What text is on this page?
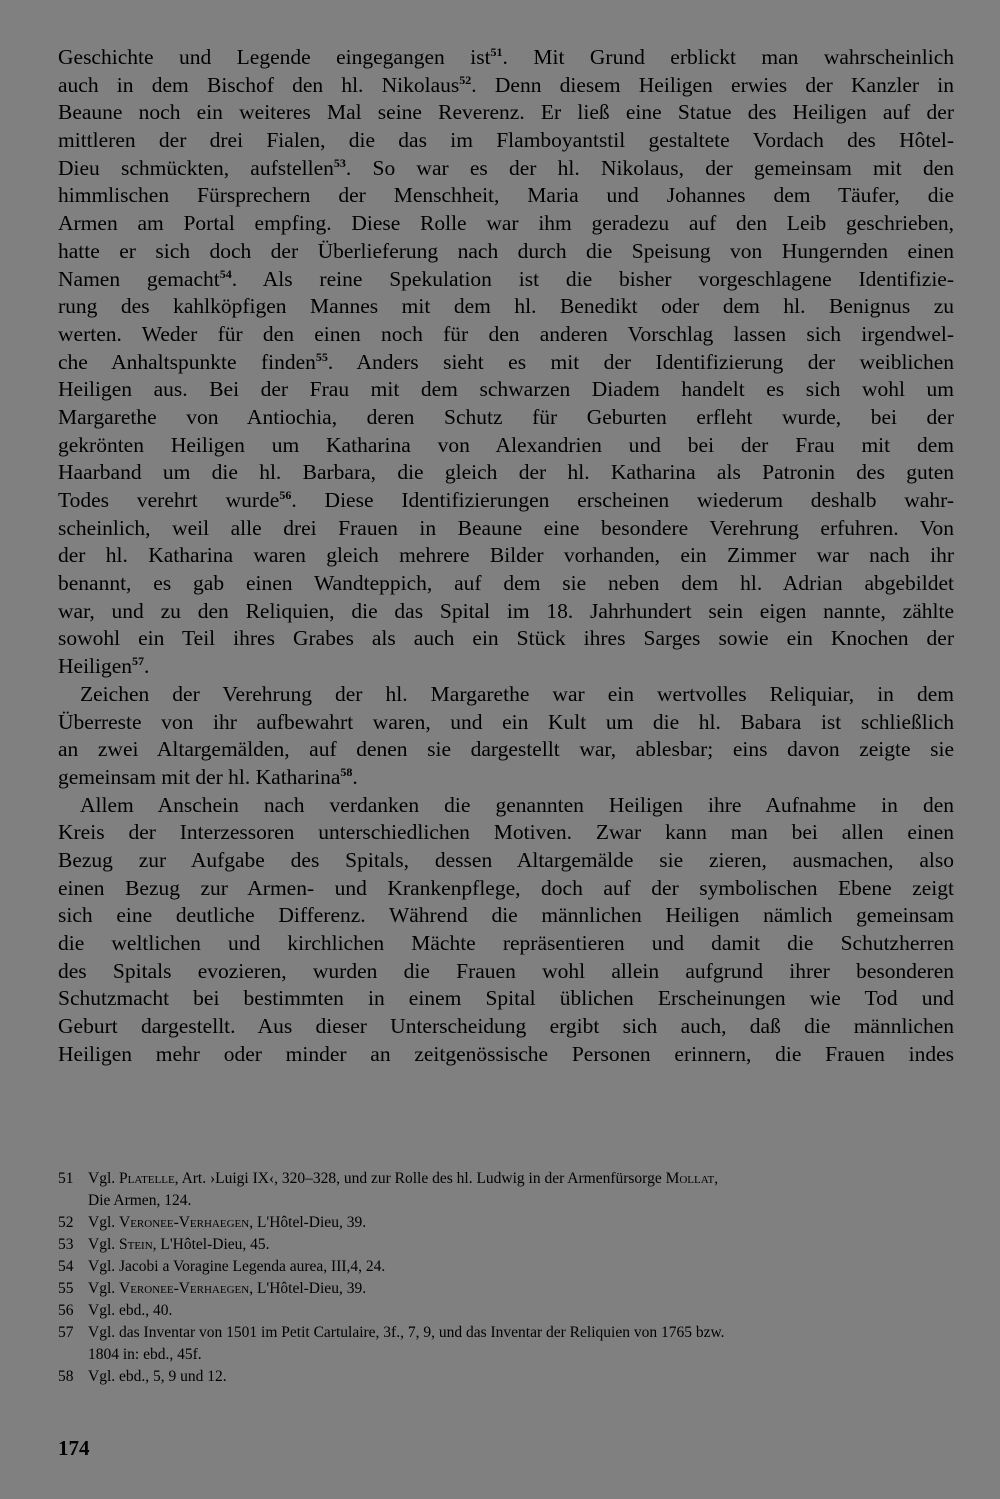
Geschichte und Legende eingegangen ist$^{51}$. Mit Grund erblickt man wahrscheinlich
auch in dem Bischof den hl. Nikolaus$^{52}$. Denn diesem Heiligen erwies der Kanzler in
Beaune noch ein weiteres Mal seine Reverenz. Er ließ eine Statue des Heiligen auf der
mittleren der drei Fialen, die das im Flamboyantstil gestaltete Vordach des Hôtel-
Dieu schmückten, aufstellen$^{53}$. So war es der hl. Nikolaus, der gemeinsam mit den
himmlischen Fürsprechern der Menschheit, Maria und Johannes dem Täufer, die
Armen am Portal empfing. Diese Rolle war ihm geradezu auf den Leib geschrieben,
hatte er sich doch der Überlieferung nach durch die Speisung von Hungernden einen
Namen gemacht$^{54}$. Als reine Spekulation ist die bisher vorgeschlagene Identifizie-
rung des kahlköpfigen Mannes mit dem hl. Benedikt oder dem hl. Benignus zu
werten. Weder für den einen noch für den anderen Vorschlag lassen sich irgendwel-
che Anhaltspunkte finden$^{55}$. Anders sieht es mit der Identifizierung der weiblichen
Heiligen aus. Bei der Frau mit dem schwarzen Diadem handelt es sich wohl um
Margarethe von Antiochia, deren Schutz für Geburten erfleht wurde, bei der
gekrönten Heiligen um Katharina von Alexandrien und bei der Frau mit dem
Haarband um die hl. Barbara, die gleich der hl. Katharina als Patronin des guten
Todes verehrt wurde$^{56}$. Diese Identifizierungen erscheinen wiederum deshalb wahr-
scheinlich, weil alle drei Frauen in Beaune eine besondere Verehrung erfuhren. Von
der hl. Katharina waren gleich mehrere Bilder vorhanden, ein Zimmer war nach ihr
benannt, es gab einen Wandteppich, auf dem sie neben dem hl. Adrian abgebildet
war, und zu den Reliquien, die das Spital im 18. Jahrhundert sein eigen nannte, zählte
sowohl ein Teil ihres Grabes als auch ein Stück ihres Sarges sowie ein Knochen der
Heiligen$^{57}$.
Zeichen der Verehrung der hl. Margarethe war ein wertvolles Reliquiar, in dem
Überreste von ihr aufbewahrt waren, und ein Kult um die hl. Babara ist schließlich
an zwei Altargemälden, auf denen sie dargestellt war, ablesbar; eins davon zeigte sie
gemeinsam mit der hl. Katharina$^{58}$.
Allem Anschein nach verdanken die genannten Heiligen ihre Aufnahme in den
Kreis der Interzessoren unterschiedlichen Motiven. Zwar kann man bei allen einen
Bezug zur Aufgabe des Spitals, dessen Altargemälde sie zieren, ausmachen, also
einen Bezug zur Armen- und Krankenpflege, doch auf der symbolischen Ebene zeigt
sich eine deutliche Differenz. Während die männlichen Heiligen nämlich gemeinsam
die weltlichen und kirchlichen Mächte repräsentieren und damit die Schutzherren
des Spitals evozieren, wurden die Frauen wohl allein aufgrund ihrer besonderen
Schutzmacht bei bestimmten in einem Spital üblichen Erscheinungen wie Tod und
Geburt dargestellt. Aus dieser Unterscheidung ergibt sich auch, daß die männlichen
Heiligen mehr oder minder an zeitgenössische Personen erinnern, die Frauen indes
51 Vgl. Platelle, Art. ›Luigi IX‹, 320–328, und zur Rolle des hl. Ludwig in der Armenfürsorge Mollat,
Die Armen, 124.
52 Vgl. Veronee-Verhaegen, L'Hôtel-Dieu, 39.
53 Vgl. Stein, L'Hôtel-Dieu, 45.
54 Vgl. Jacobi a Voragine Legenda aurea, III,4, 24.
55 Vgl. Veronee-Verhaegen, L'Hôtel-Dieu, 39.
56 Vgl. ebd., 40.
57 Vgl. das Inventar von 1501 im Petit Cartulaire, 3f., 7, 9, und das Inventar der Reliquien von 1765 bzw.
1804 in: ebd., 45f.
58 Vgl. ebd., 5, 9 und 12.
174
